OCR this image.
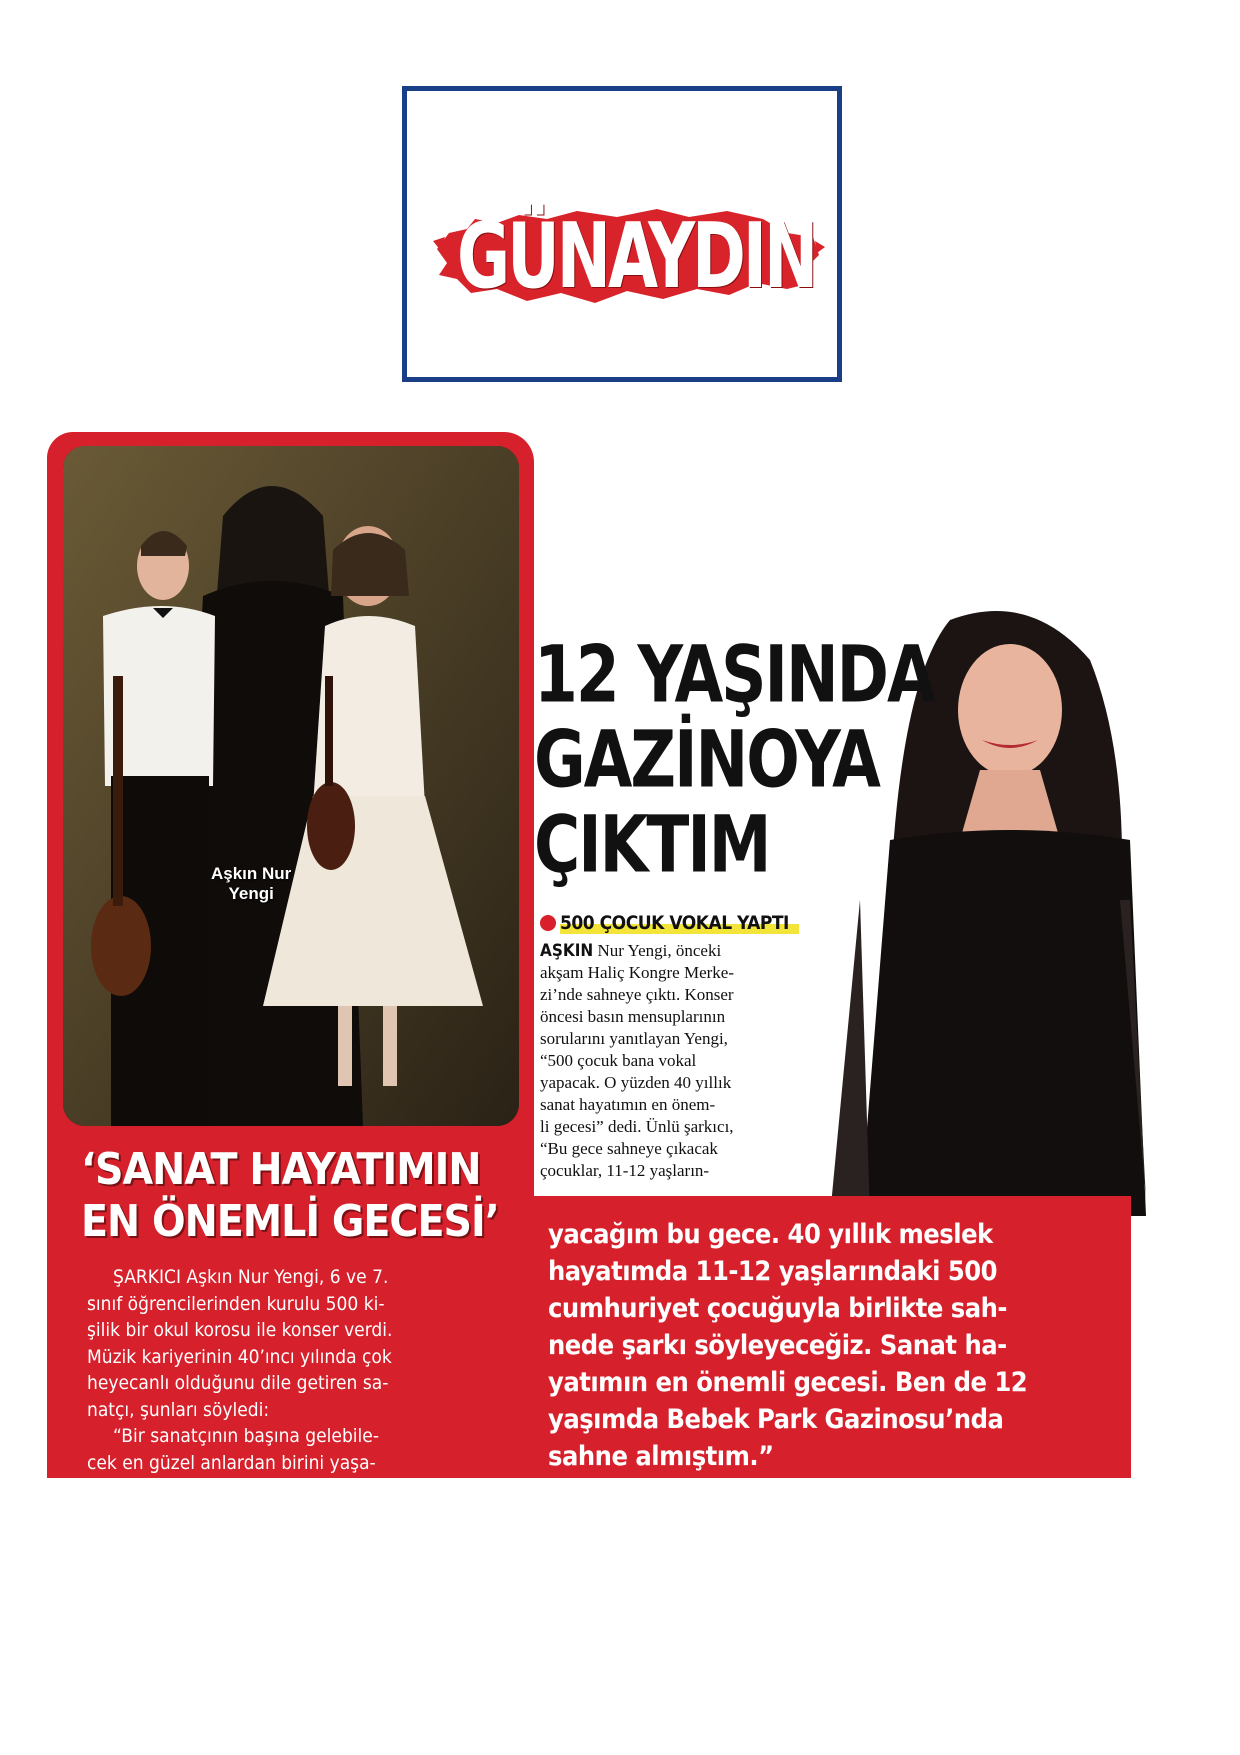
SABAH'ın
GÜNAYDIN
Aşkın Nur
Yengi
‘SANAT HAYATIMIN
EN ÖNEMLİ GECESİ’

ŞARKICI Aşkın Nur Yengi, 6 ve 7.

sınıf öğrencilerinden kurulu 500 ki-

şilik bir okul korosu ile konser verdi.

Müzik kariyerinin 40’ıncı yılında çok

heyecanlı olduğunu dile getiren sa-

natçı, şunları söyledi:

“Bir sanatçının başına gelebile-

cek en güzel anlardan birini yaşa-

12 YAŞINDA
GAZİNOYA
ÇIKTIM
500 ÇOCUK VOKAL YAPTI
AŞKIN Nur Yengi, önceki
akşam Haliç Kongre Merke-
zi’nde sahneye çıktı. Konser
öncesi basın mensuplarının
sorularını yanıtlayan Yengi,
“500 çocuk bana vokal
yapacak. O yüzden 40 yıllık
sanat hayatımın en önem-
li gecesi” dedi. Ünlü şarkıcı,
“Bu gece sahneye çıkacak
çocuklar, 11-12 yaşların-
yacağım bu gece. 40 yıllık meslek
hayatımda 11-12 yaşlarındaki 500
cumhuriyet çocuğuyla birlikte sah-
nede şarkı söyleyeceğiz. Sanat ha-
yatımın en önemli gecesi. Ben de 12
yaşımda Bebek Park Gazinosu’nda
sahne almıştım.”
